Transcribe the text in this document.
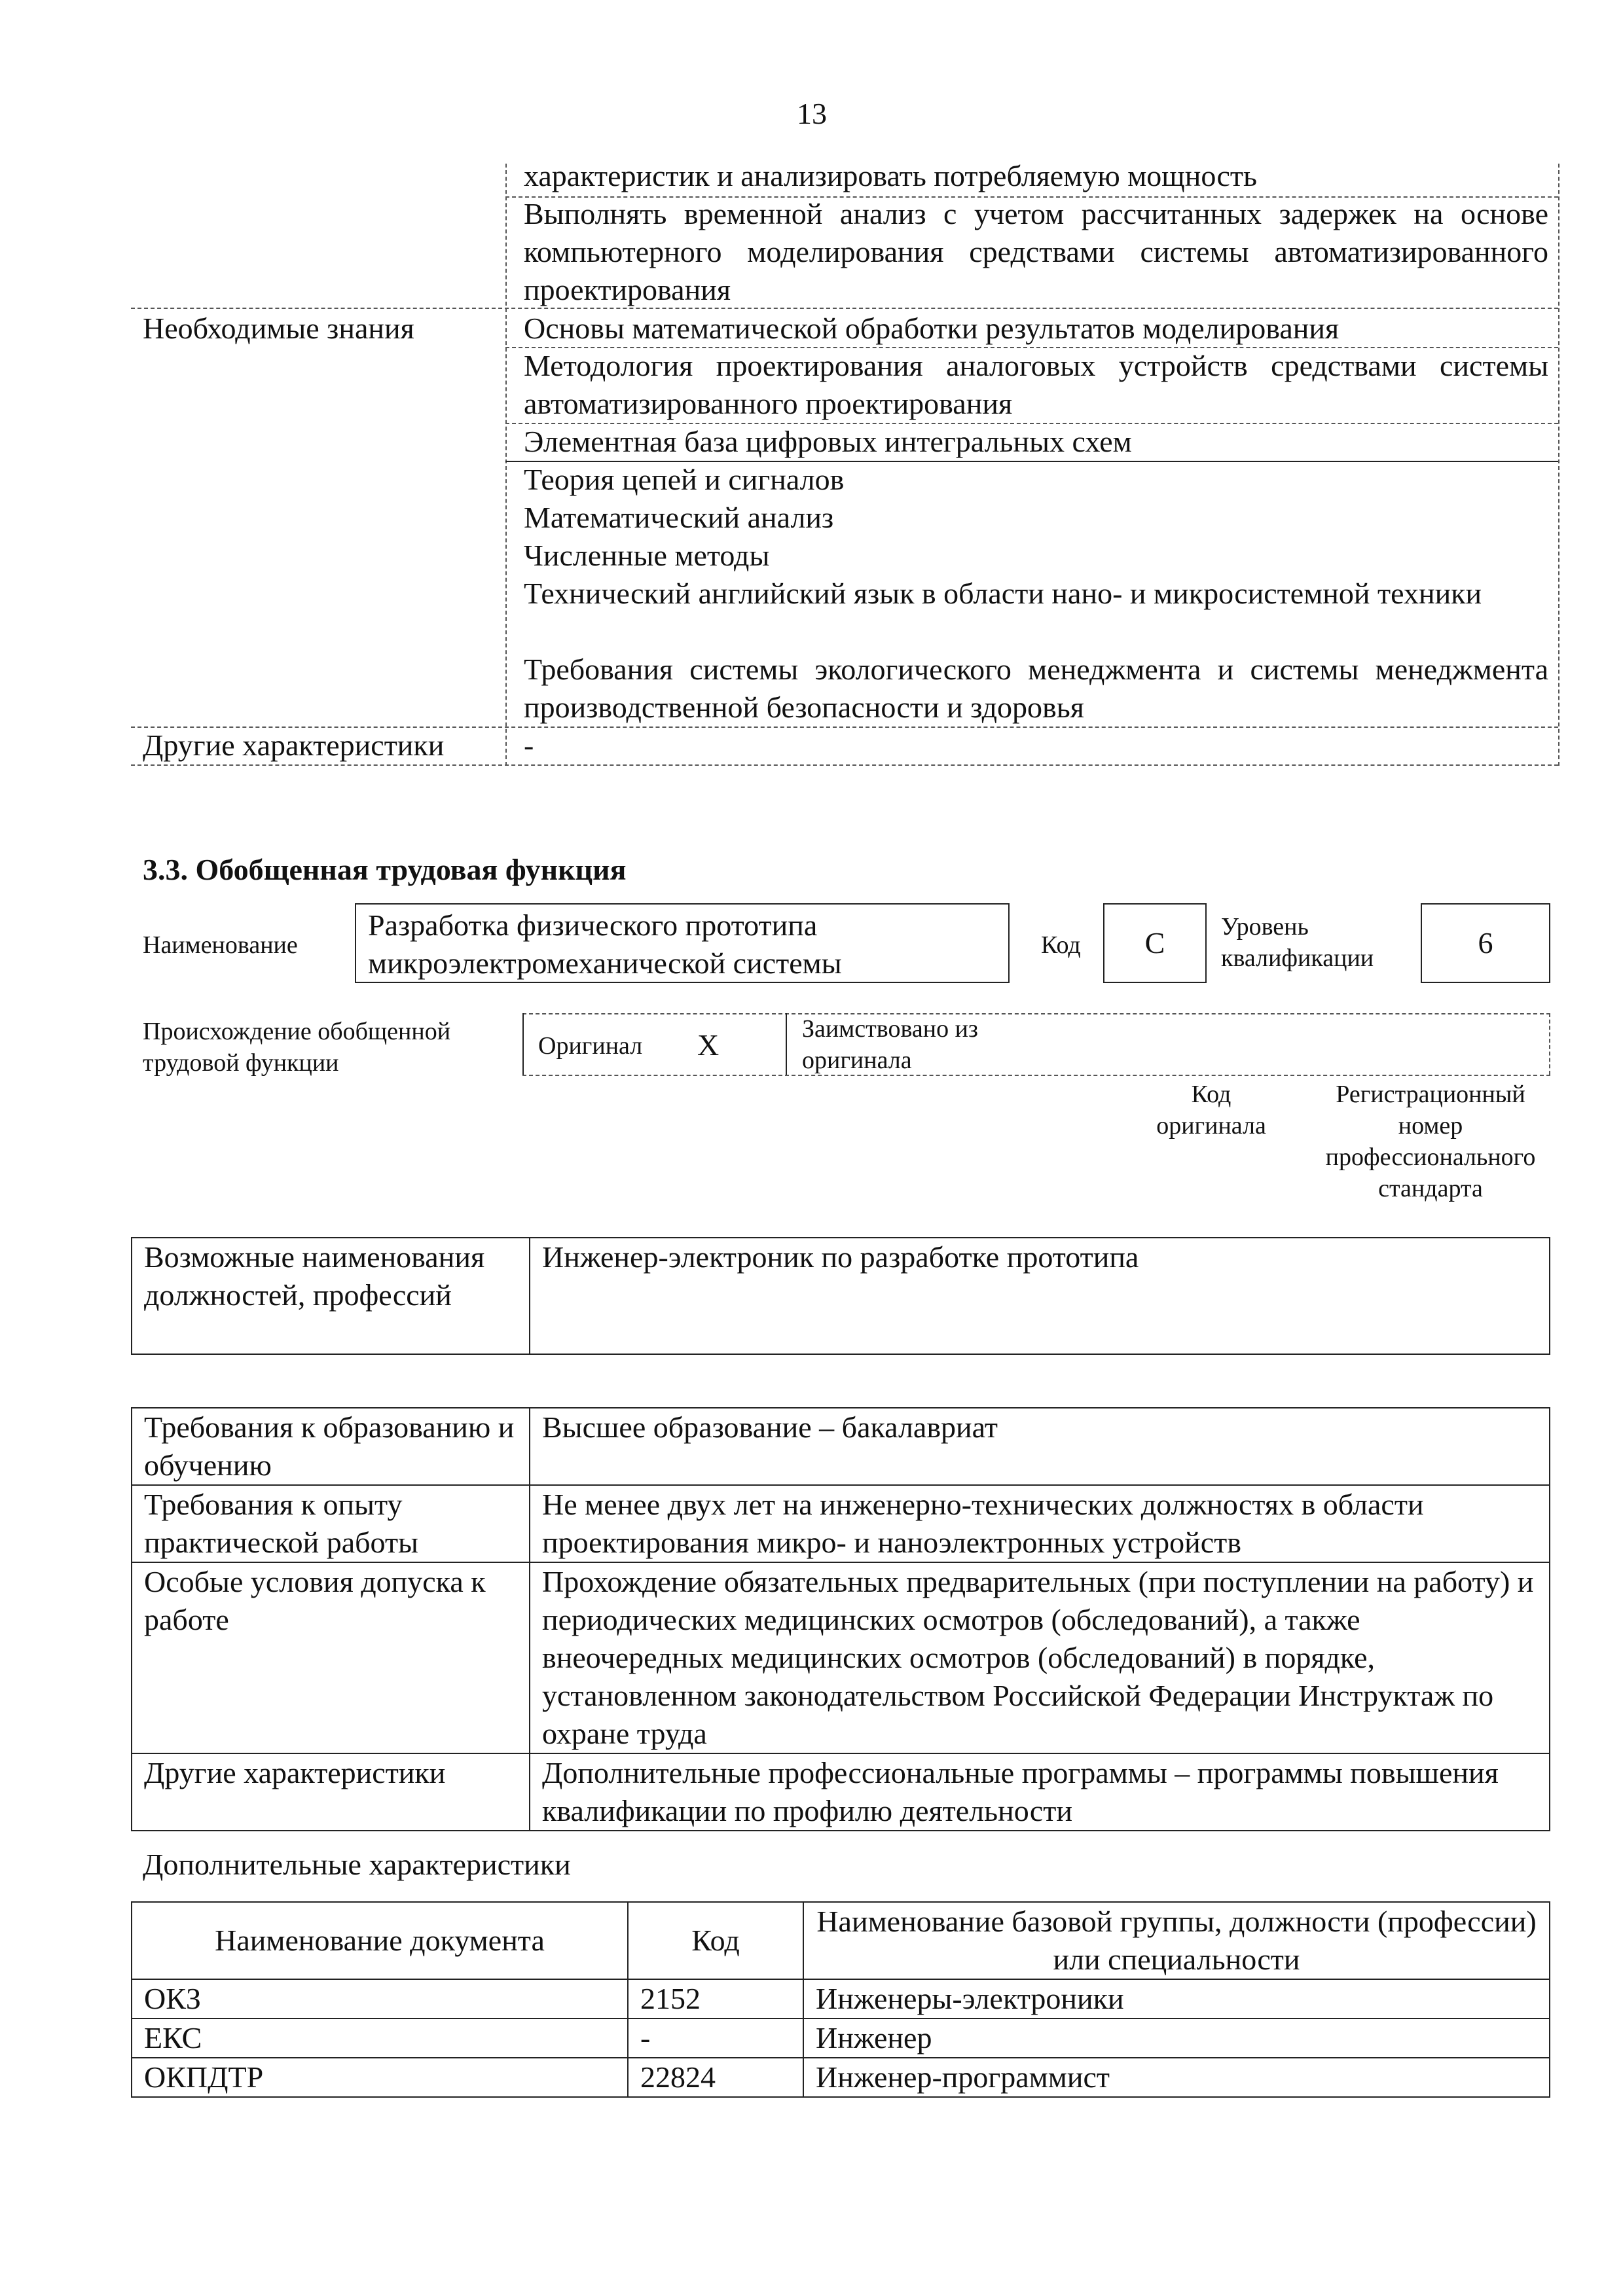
13
характеристик и анализировать потребляемую мощность
Выполнять временной анализ с учетом рассчитанных задержек на основе компьютерного моделирования средствами системы автоматизированного проектирования
Необходимые знания	Основы математической обработки результатов моделирования
Методология проектирования аналоговых устройств средствами системы автоматизированного проектирования
Элементная база цифровых интегральных схем
Теория цепей и сигналов
Математический анализ
Численные методы
Технический английский язык в области нано- и микросистемной техники
Требования системы экологического менеджмента и системы менеджмента производственной безопасности и здоровья
Другие характеристики	-
3.3. Обобщенная трудовая функция
Наименование
Разработка физического прототипа микроэлектромеханической системы
Код	С	Уровень квалификации	6
Происхождение обобщенной трудовой функции
Оригинал X	Заимствовано из оригинала
Код оригинала
Регистрационный номер профессионального стандарта
Возможные наименования должностей, профессий	Инженер-электроник по разработке прототипа
Требования к образованию и обучению	Высшее образование – бакалавриат
Требования к опыту практической работы	Не менее двух лет на инженерно-технических должностях в области проектирования микро- и наноэлектронных устройств
Особые условия допуска к работе	Прохождение обязательных предварительных (при поступлении на работу) и периодических медицинских осмотров (обследований), а также внеочередных медицинских осмотров (обследований) в порядке, установленном законодательством Российской Федерации Инструктаж по охране труда
Другие характеристики	Дополнительные профессиональные программы – программы повышения квалификации по профилю деятельности
Дополнительные характеристики
Наименование документа	Код	Наименование базовой группы, должности (профессии) или специальности
ОКЗ	2152	Инженеры-электроники
ЕКС	-	Инженер
ОКПДТР	22824	Инженер-программист
